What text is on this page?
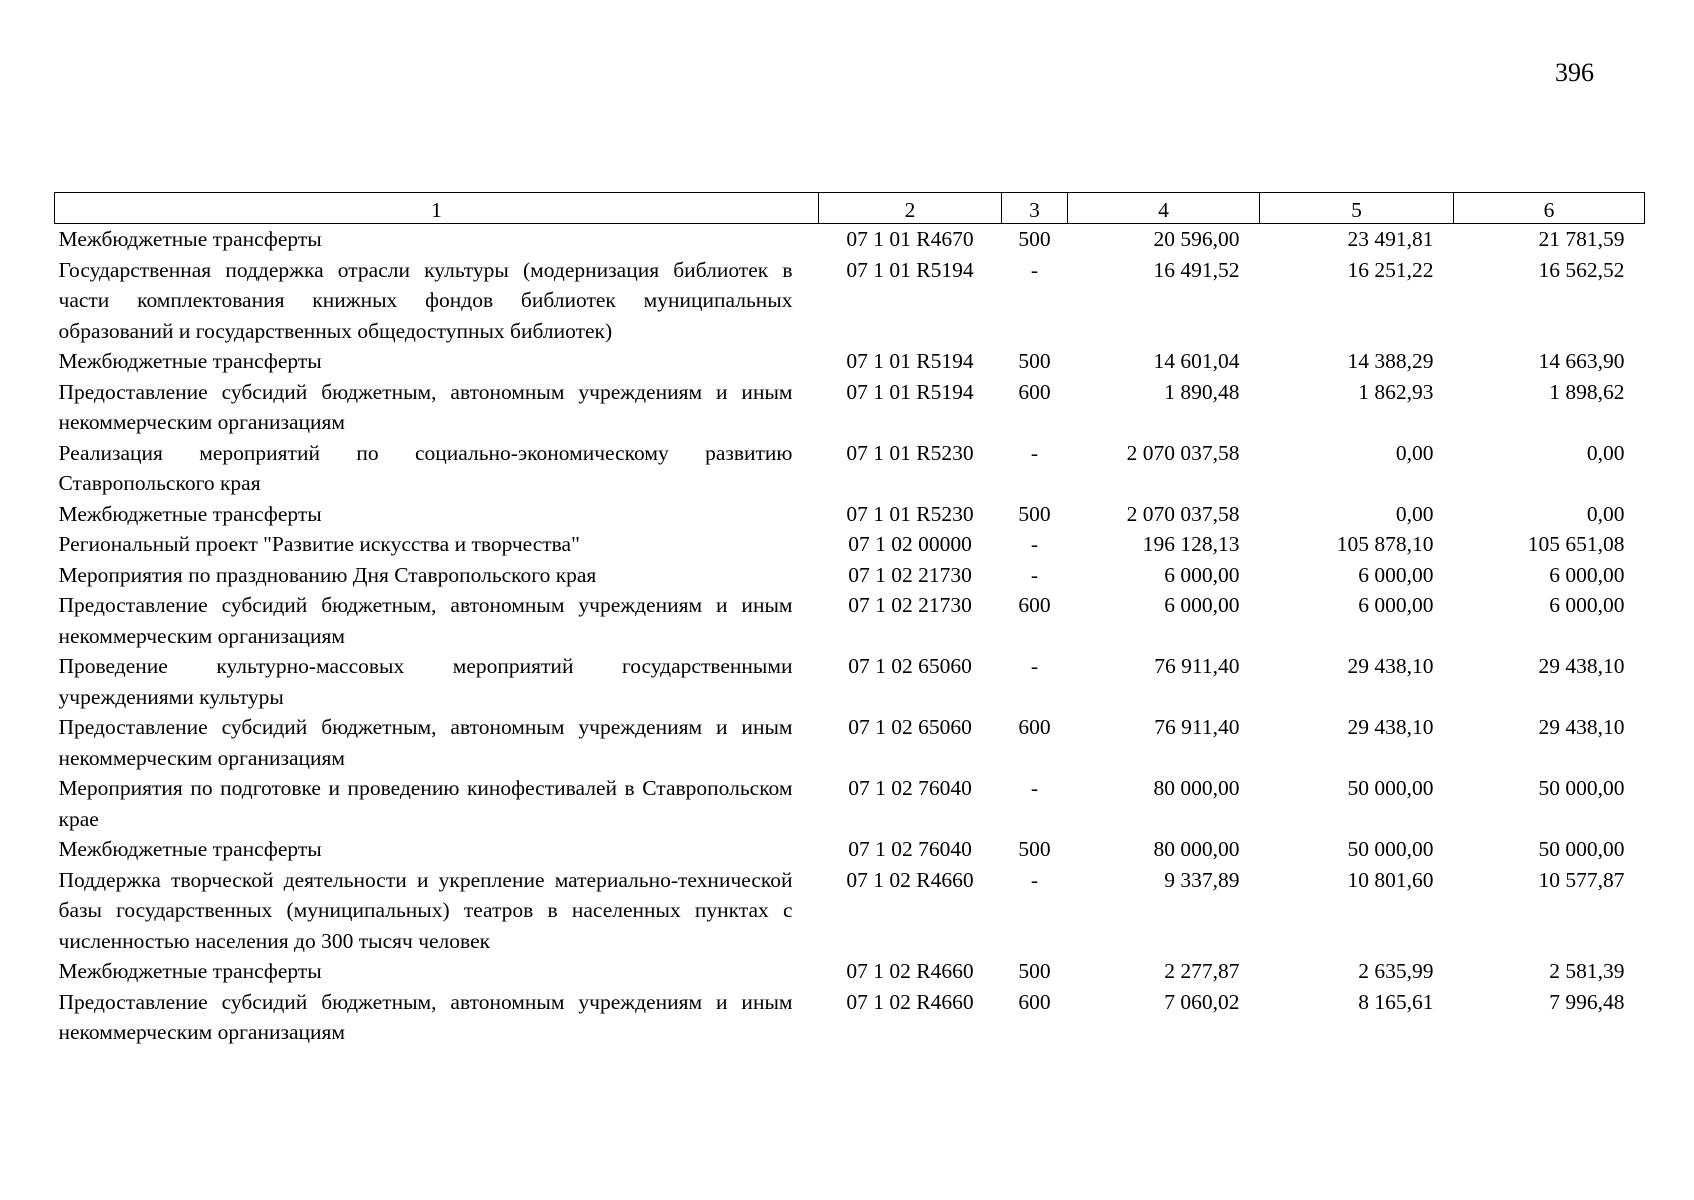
396
1	2	3	4	5	6
Межбюджетные трансферты	07 1 01 R4670	500	20 596,00	23 491,81	21 781,59
Государственная поддержка отрасли культуры (модернизация библиотек в части комплектования книжных фондов библиотек муниципальных образований и государственных общедоступных библиотек)	07 1 01 R5194	-	16 491,52	16 251,22	16 562,52
Межбюджетные трансферты	07 1 01 R5194	500	14 601,04	14 388,29	14 663,90
Предоставление субсидий бюджетным, автономным учреждениям и иным некоммерческим организациям	07 1 01 R5194	600	1 890,48	1 862,93	1 898,62
Реализация мероприятий по социально-экономическому развитию Ставропольского края	07 1 01 R5230	-	2 070 037,58	0,00	0,00
Межбюджетные трансферты	07 1 01 R5230	500	2 070 037,58	0,00	0,00
Региональный проект "Развитие искусства и творчества"	07 1 02 00000	-	196 128,13	105 878,10	105 651,08
Мероприятия по празднованию Дня Ставропольского края	07 1 02 21730	-	6 000,00	6 000,00	6 000,00
Предоставление субсидий бюджетным, автономным учреждениям и иным некоммерческим организациям	07 1 02 21730	600	6 000,00	6 000,00	6 000,00
Проведение культурно-массовых мероприятий государственными учреждениями культуры	07 1 02 65060	-	76 911,40	29 438,10	29 438,10
Предоставление субсидий бюджетным, автономным учреждениям и иным некоммерческим организациям	07 1 02 65060	600	76 911,40	29 438,10	29 438,10
Мероприятия по подготовке и проведению кинофестивалей в Ставропольском крае	07 1 02 76040	-	80 000,00	50 000,00	50 000,00
Межбюджетные трансферты	07 1 02 76040	500	80 000,00	50 000,00	50 000,00
Поддержка творческой деятельности и укрепление материально-технической базы государственных (муниципальных) театров в населенных пунктах с численностью населения до 300 тысяч человек	07 1 02 R4660	-	9 337,89	10 801,60	10 577,87
Межбюджетные трансферты	07 1 02 R4660	500	2 277,87	2 635,99	2 581,39
Предоставление субсидий бюджетным, автономным учреждениям и иным некоммерческим организациям	07 1 02 R4660	600	7 060,02	8 165,61	7 996,48
